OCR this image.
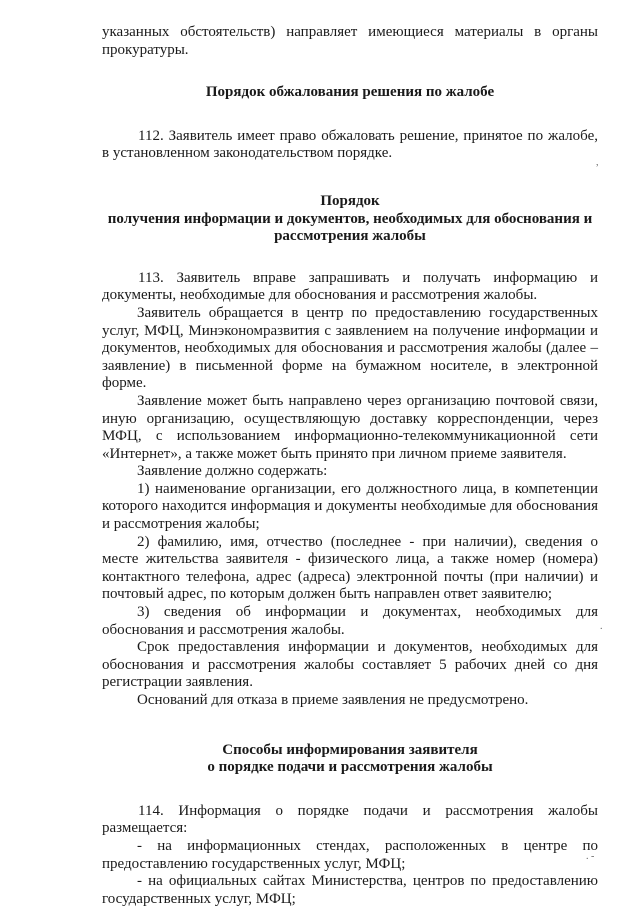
указанных обстоятельств) направляет имеющиеся материалы в органы прокуратуры.

Порядок обжалования решения по жалобе

112. Заявитель имеет право обжаловать решение, принятое по жалобе, в установленном законодательством порядке.

Порядок
получения информации и документов, необходимых для обоснования и рассмотрения жалобы

113. Заявитель вправе запрашивать и получать информацию и документы, необходимые для обоснования и рассмотрения жалобы.

Заявитель обращается в центр по предоставлению государственных услуг, МФЦ, Минэкономразвития с заявлением на получение информации и документов, необходимых для обоснования и рассмотрения жалобы (далее – заявление) в письменной форме на бумажном носителе, в электронной форме.

Заявление может быть направлено через организацию почтовой связи, иную организацию, осуществляющую доставку корреспонденции, через МФЦ, с использованием информационно-телекоммуникационной сети «Интернет», а также может быть принято при личном приеме заявителя.

Заявление должно содержать:

1) наименование организации, его должностного лица, в компетенции которого находится информация и документы необходимые для обоснования и рассмотрения жалобы;

2) фамилию, имя, отчество (последнее - при наличии), сведения о месте жительства заявителя - физического лица, а также номер (номера) контактного телефона, адрес (адреса) электронной почты (при наличии) и почтовый адрес, по которым должен быть направлен ответ заявителю;

3) сведения об информации и документах, необходимых для обоснования и рассмотрения жалобы.

Срок предоставления информации и документов, необходимых для обоснования и рассмотрения жалобы составляет 5 рабочих дней со дня регистрации заявления.

Оснований для отказа в приеме заявления не предусмотрено.

Способы информирования заявителя
о порядке подачи и рассмотрения жалобы

114. Информация о порядке подачи и рассмотрения жалобы размещается:

- на информационных стендах, расположенных в центре по предоставлению государственных услуг, МФЦ;

- на официальных сайтах Министерства, центров по предоставлению государственных услуг, МФЦ;

,
.
. -
